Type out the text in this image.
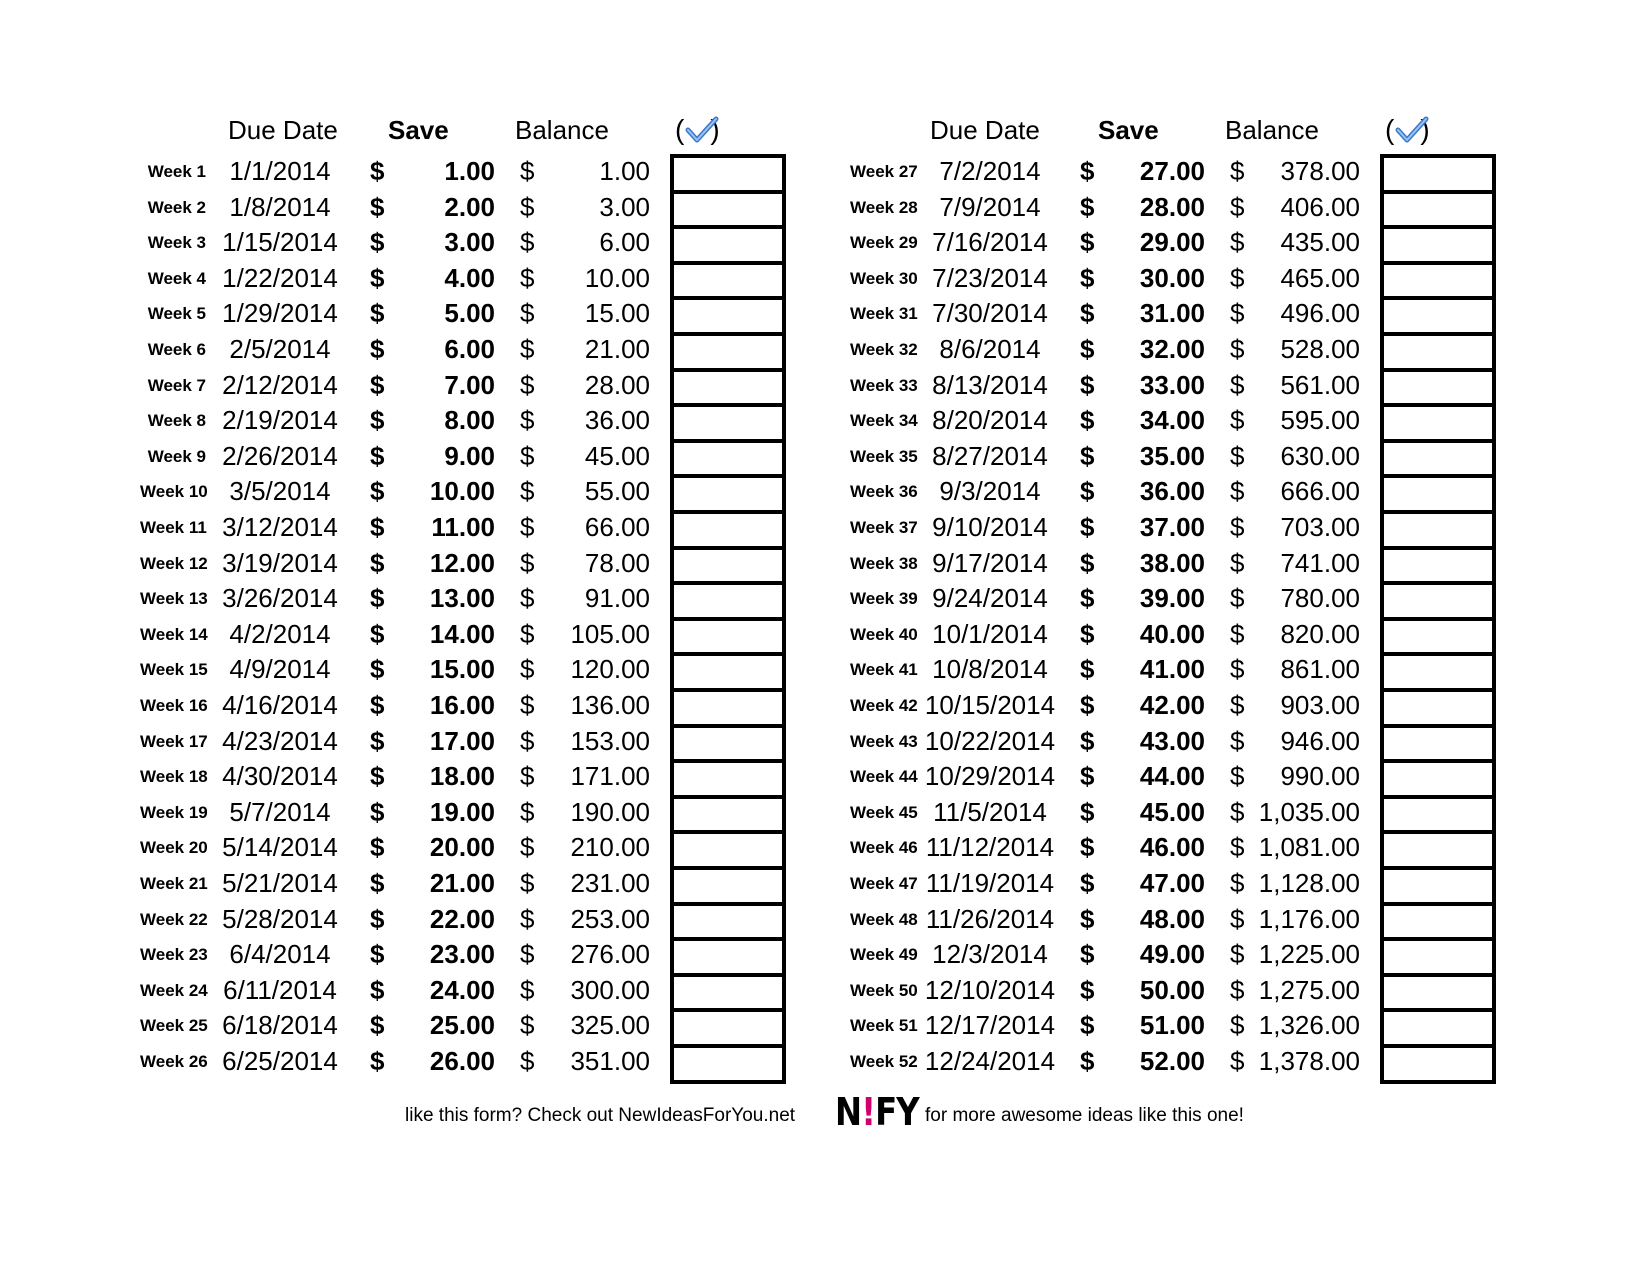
Due Date Save	Balance ( )
Week 1 1/1/2014	$	1.00 $	1.00
Week 2 1/8/2014	$	2.00 $	3.00
Week 3 1/15/2014	$	3.00 $	6.00
Week 4 1/22/2014	$	4.00 $	10.00
Week 5 1/29/2014	$	5.00 $	15.00
Week 6 2/5/2014	$	6.00 $	21.00
Week 7 2/12/2014	$	7.00 $	28.00
Week 8 2/19/2014	$	8.00 $	36.00
Week 9 2/26/2014	$	9.00 $	45.00
Week 10 3/5/2014	$	10.00 $	55.00
Week 11 3/12/2014	$	11.00 $	66.00
Week 12 3/19/2014	$	12.00 $	78.00
Week 13 3/26/2014	$	13.00 $	91.00
Week 14 4/2/2014	$	14.00 $	105.00
Week 15 4/9/2014	$	15.00 $	120.00
Week 16 4/16/2014	$	16.00 $	136.00
Week 17 4/23/2014	$	17.00 $	153.00
Week 18 4/30/2014	$	18.00 $	171.00
Week 19 5/7/2014	$	19.00 $	190.00
Week 20 5/14/2014	$	20.00 $	210.00
Week 21 5/21/2014	$	21.00 $	231.00
Week 22 5/28/2014	$	22.00 $	253.00
Week 23 6/4/2014	$	23.00 $	276.00
Week 24 6/11/2014	$	24.00 $	300.00
Week 25 6/18/2014	$	25.00 $	325.00
Week 26 6/25/2014	$	26.00 $	351.00
Due Date Save	Balance ( )
Week 27 7/2/2014	$	27.00 $	378.00
Week 28 7/9/2014	$	28.00 $	406.00
Week 29 7/16/2014	$	29.00 $	435.00
Week 30 7/23/2014	$	30.00 $	465.00
Week 31 7/30/2014	$	31.00 $	496.00
Week 32 8/6/2014	$	32.00 $	528.00
Week 33 8/13/2014	$	33.00 $	561.00
Week 34 8/20/2014	$	34.00 $	595.00
Week 35 8/27/2014	$	35.00 $	630.00
Week 36 9/3/2014	$	36.00 $	666.00
Week 37 9/10/2014	$	37.00 $	703.00
Week 38 9/17/2014	$	38.00 $	741.00
Week 39 9/24/2014	$	39.00 $	780.00
Week 40 10/1/2014	$	40.00 $	820.00
Week 41 10/8/2014	$	41.00 $	861.00
Week 42 10/15/2014 $	42.00 $	903.00
Week 43 10/22/2014 $	43.00 $	946.00
Week 44 10/29/2014 $	44.00 $	990.00
Week 45 11/5/2014	$	45.00 $ 1,035.00
Week 46 11/12/2014 $	46.00 $ 1,081.00
Week 47 11/19/2014 $	47.00 $ 1,128.00
Week 48 11/26/2014 $	48.00 $ 1,176.00
Week 49 12/3/2014	$	49.00 $ 1,225.00
Week 50 12/10/2014 $	50.00 $ 1,275.00
Week 51 12/17/2014 $	51.00 $ 1,326.00
Week 52 12/24/2014 $	52.00 $ 1,378.00
like this form? Check out NewIdeasForYou.net N!FY for more awesome ideas like this one!
